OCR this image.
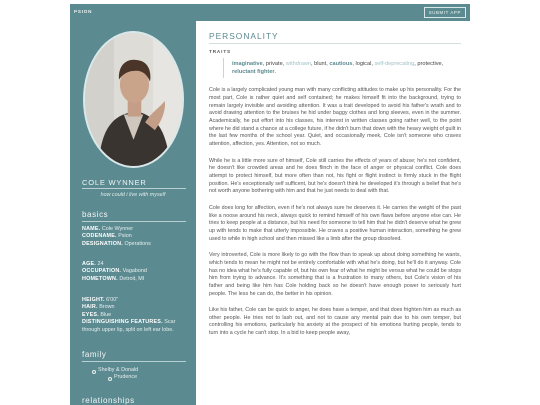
PSION	SUBMIT APP
COLE WYNNER
how could i live with myself
basics
NAME. Cole Wynner
CODENAME. Psion
DESIGNATION. Operations
AGE. 24
OCCUPATION. Vagabond
HOMETOWN. Detroit, MI
HEIGHT. 6'00"
HAIR. Brown
EYES. Blue
DISTINGUISHING FEATURES. Scar through upper lip, split on left ear lobe.
family
Shelby & Donald
Prudence
relationships
PERSONALITY
TRAITS
imaginative, private, withdrawn, blunt, cautious, logical, self-deprecating, protective, reluctant fighter.

Cole is a largely complicated young man with many conflicting attitudes to make up his personality. For the most part, Cole is rather quiet and self contained; he makes himself fit into the background, trying to remain largely invisible and avoiding attention. It was a trait developed to avoid his father's wrath and to avoid drawing attention to the bruises he hid under baggy clothes and long sleeves, even in the summer. Academically, he put effort into his classes, his interest in written classes going rather well, to the point where he did stand a chance at a college future, if he didn't burn that down with the heavy weight of guilt in the last few months of the school year. Quiet, and occasionally meek, Cole isn't someone who craves attention, affection, yes. Attention, not so much.

While he is a little more sure of himself, Cole still carries the effects of years of abuse; he's not confident, he doesn't like crowded areas and he does flinch in the face of anger or physical conflict. Cole does attempt to protect himself, but more often than not, his fight or flight instinct is firmly stuck in the flight position. He's exceptionally self sufficent, but he's doesn't think he developed it's through a belief that he's not worth anyone bothering with him and that he just needs to deal with that.

Cole does long for affection, even if he's not always sure he deserves it. He carries the weight of the past like a noose around his neck, always quick to remind himself of his own flaws before anyone else can. He tries to keep people at a distance, but his need for someone to tell him that he didn't deserve what he grew up with tends to make that utterly impossible. He craves a positive human interaction, something he grew used to while in high school and then missed like a limb after the group dissolved.

Very introverted, Cole is more likely to go with the flow than to speak up about doing something he wants, which tends to mean he might not be entirely comfortable with what he's doing, but he'll do it anyway. Cole has no idea what he's fully capable of, but his own fear of what he might be versus what he could be stops him from trying to advance. It's something that is a frustration to many others, but Cole's vision of his father and being like him has Cole holding back so he doesn't have enough power to seriously hurt people. The less he can do, the better in his opinion.

Like his father, Cole can be quick to anger, he does have a temper, and that does frighten him as much as other people. He tries not to lash out, and not to cause any mental pain due to his own temper, but controlling his emotions, particularly his anxiety at the prospect of his emotions hurting people, tends to turn into a cycle he can't stop. In a bid to keep people away,
